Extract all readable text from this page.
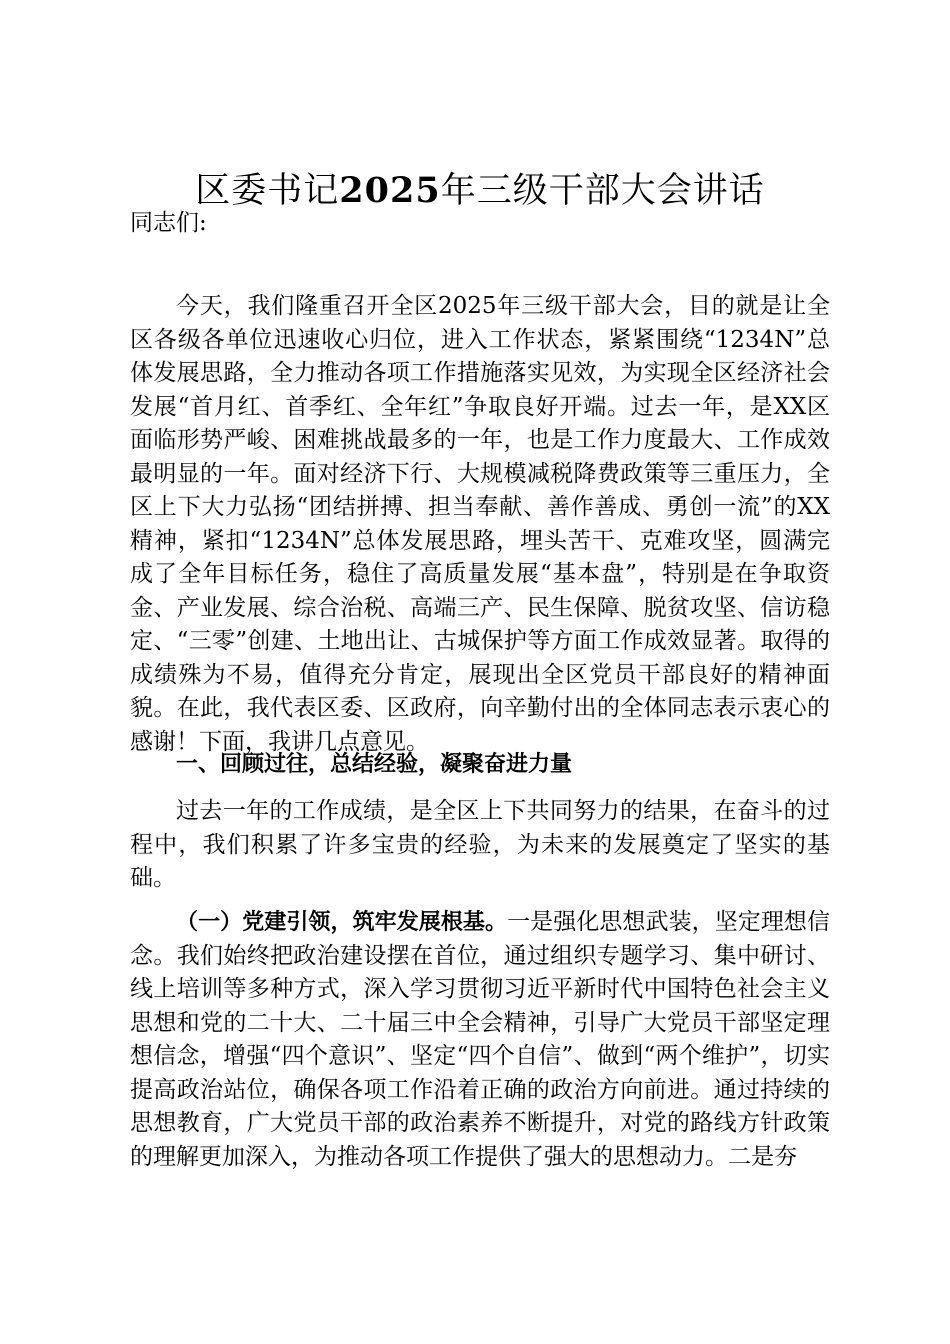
区委书记2025年三级干部大会讲话

同志们:

今天，我们隆重召开全区2025年三级干部大会，目的就是让全区各级各单位迅速收心归位，进入工作状态，紧紧围绕“1234N”总体发展思路，全力推动各项工作措施落实见效，为实现全区经济社会发展“首月红、首季红、全年红”争取良好开端。过去一年，是XX区面临形势严峻、困难挑战最多的一年，也是工作力度最大、工作成效最明显的一年。面对经济下行、大规模减税降费政策等三重压力，全区上下大力弘扬“团结拼搏、担当奉献、善作善成、勇创一流”的XX精神，紧扣“1234N”总体发展思路，埋头苦干、克难攻坚，圆满完成了全年目标任务，稳住了高质量发展“基本盘”，特别是在争取资金、产业发展、综合治税、高端三产、民生保障、脱贫攻坚、信访稳定、“三零”创建、土地出让、古城保护等方面工作成效显著。取得的成绩殊为不易，值得充分肯定，展现出全区党员干部良好的精神面貌。在此，我代表区委、区政府，向辛勤付出的全体同志表示衷心的感谢！下面，我讲几点意见。

一、回顾过往，总结经验，凝聚奋进力量

过去一年的工作成绩，是全区上下共同努力的结果，在奋斗的过程中，我们积累了许多宝贵的经验，为未来的发展奠定了坚实的基础。

（一）党建引领，筑牢发展根基。一是强化思想武装，坚定理想信念。我们始终把政治建设摆在首位，通过组织专题学习、集中研讨、线上培训等多种方式，深入学习贯彻习近平新时代中国特色社会主义思想和党的二十大、二十届三中全会精神，引导广大党员干部坚定理想信念，增强“四个意识”、坚定“四个自信”、做到“两个维护”，切实提高政治站位，确保各项工作沿着正确的政治方向前进。通过持续的思想教育，广大党员干部的政治素养不断提升，对党的路线方针政策的理解更加深入，为推动各项工作提供了强大的思想动力。二是夯
